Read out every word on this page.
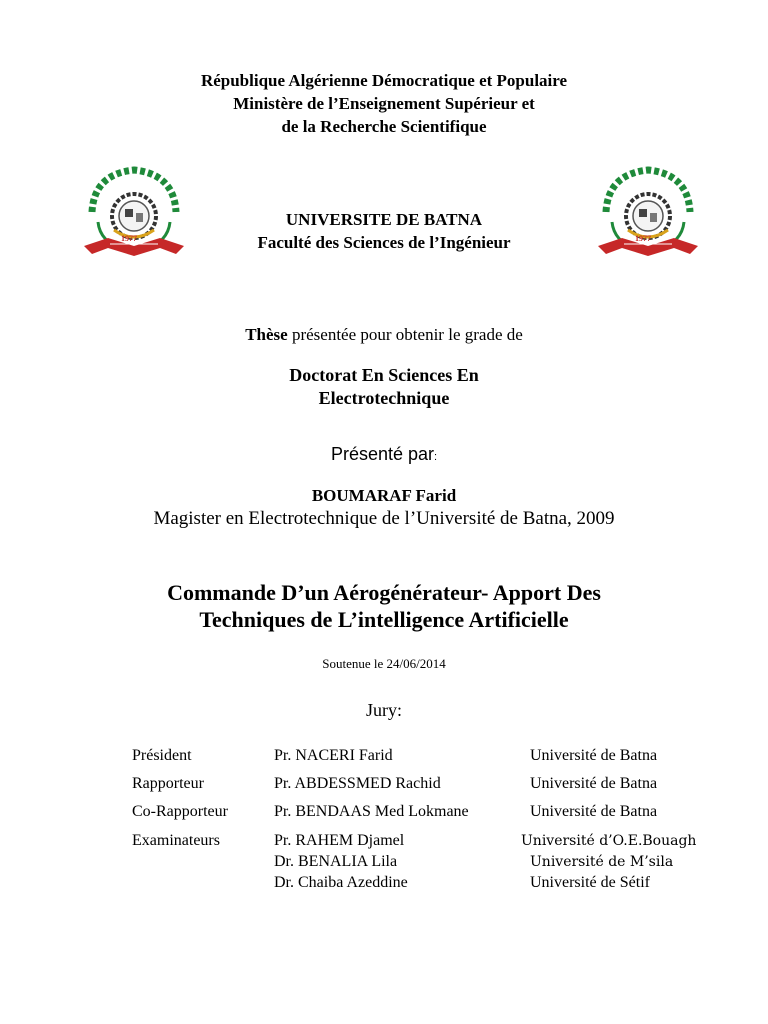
République Algérienne Démocratique et Populaire
Ministère de l’Enseignement Supérieur et
de la Recherche Scientifique
1977	1977
UNIVERSITE DE BATNA
Faculté des Sciences de l’Ingénieur
Thèse présentée pour obtenir le grade de
Doctorat En Sciences En
Electrotechnique
Présenté par:
BOUMARAF Farid
Magister en Electrotechnique de l’Université de Batna, 2009
Commande D’un Aérogénérateur- Apport Des
Techniques de L’intelligence Artificielle
Soutenue le 24/06/2014
Jury:
Président	Pr. NACERI Farid	Université de Batna
Rapporteur	Pr. ABDESSMED Rachid	Université de Batna
Co-Rapporteur	Pr. BENDAAS Med Lokmane	Université de Batna
Examinateurs	Pr. RAHEM Djamel	Université d’O.E.Bouagh
Dr. BENALIA Lila	Université de M’sila
Dr. Chaiba Azeddine	Université de Sétif
